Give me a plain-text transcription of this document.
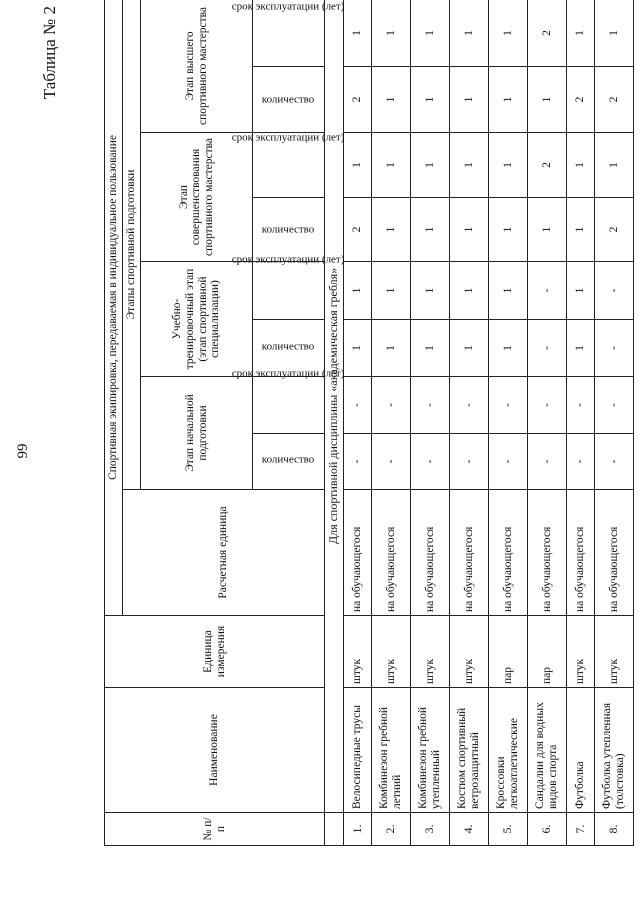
99
Таблица № 2
№ п/п	Наименование	Единица измерения	Спортивная экипировка, передаваемая в индивидуальное пользование								
			Расчетная единица	Этапы спортивной подготовки							
				Этап начальной подготовки		Учебно-тренировочный этап (этап спортивной специализации)		Этап совершенствования спортивного мастерства		Этап высшего спортивного мастерства	
				количество	срок эксплуатации (лет)	количество	срок эксплуатации (лет)	количество	срок эксплуатации (лет)	количество	срок эксплуатации (лет)
	Для спортивной дисциплины «академическая гребля»										
1.	Велосипедные трусы	штук	на обучающегося	-	-	1	1	2	1	2	1
2.	Комбинезон гребной летний	штук	на обучающегося	-	-	1	1	1	1	1	1
3.	Комбинезон гребной утепленный	штук	на обучающегося	-	-	1	1	1	1	1	1
4.	Костюм спортивный ветрозащитный	штук	на обучающегося	-	-	1	1	1	1	1	1
5.	Кроссовки легкоатлетические	пар	на обучающегося	-	-	1	1	1	1	1	1
6.	Сандалии для водных видов спорта	пар	на обучающегося	-	-	-	-	1	2	1	2
7.	Футболка	штук	на обучающегося	-	-	1	1	1	1	2	1
8.	Футболка утепленная (толстовка)	штук	на обучающегося	-	-	-	-	2	1	2	1
